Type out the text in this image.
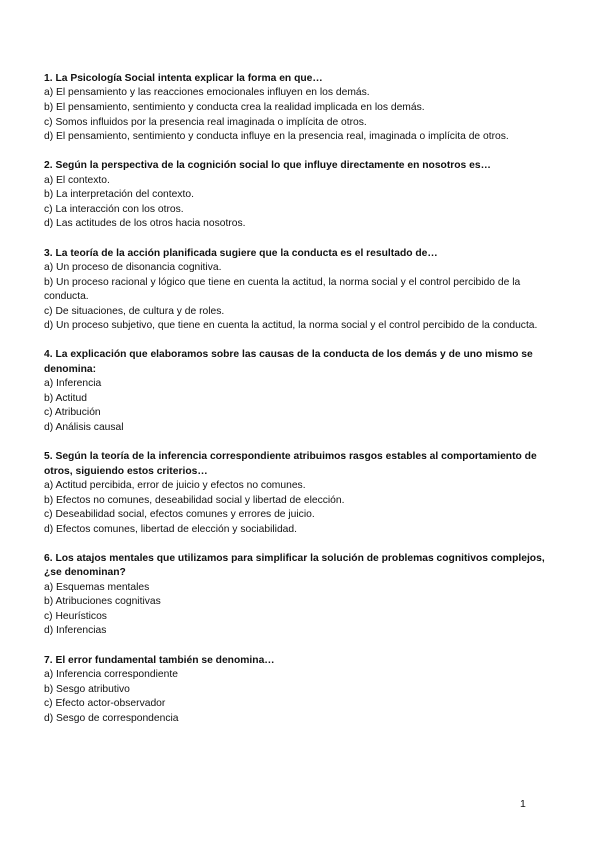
1. La Psicología Social intenta explicar la forma en que…

a) El pensamiento y las reacciones emocionales influyen en los demás.

b) El pensamiento, sentimiento y conducta crea la realidad implicada en los demás.

c) Somos influidos por la presencia real imaginada o implícita de otros.

d) El pensamiento, sentimiento y conducta influye en la presencia real, imaginada o implícita de otros.

2. Según la perspectiva de la cognición social lo que influye directamente en nosotros es…

a) El contexto.

b) La interpretación del contexto.

c) La interacción con los otros.

d) Las actitudes de los otros hacia nosotros.

3. La teoría de la acción planificada sugiere que la conducta es el resultado de…

a) Un proceso de disonancia cognitiva.

b) Un proceso racional y lógico que tiene en cuenta la actitud, la norma social y el control percibido de la conducta.

c) De situaciones, de cultura y de roles.

d) Un proceso subjetivo, que tiene en cuenta la actitud, la norma social y el control percibido de la conducta.

4. La explicación que elaboramos sobre las causas de la conducta de los demás y de uno mismo se denomina:

a) Inferencia

b) Actitud

c) Atribución

d) Análisis causal

5. Según la teoría de la inferencia correspondiente atribuimos rasgos estables al comportamiento de otros, siguiendo estos criterios…

a) Actitud percibida, error de juicio y efectos no comunes.

b) Efectos no comunes, deseabilidad social y libertad de elección.

c) Deseabilidad social, efectos comunes y errores de juicio.

d) Efectos comunes, libertad de elección y sociabilidad.

6. Los atajos mentales que utilizamos para simplificar la solución de problemas cognitivos complejos, ¿se denominan?

a) Esquemas mentales

b) Atribuciones cognitivas

c) Heurísticos

d) Inferencias

7. El error fundamental también se denomina…

a) Inferencia correspondiente

b) Sesgo atributivo

c) Efecto actor-observador

d) Sesgo de correspondencia

1
